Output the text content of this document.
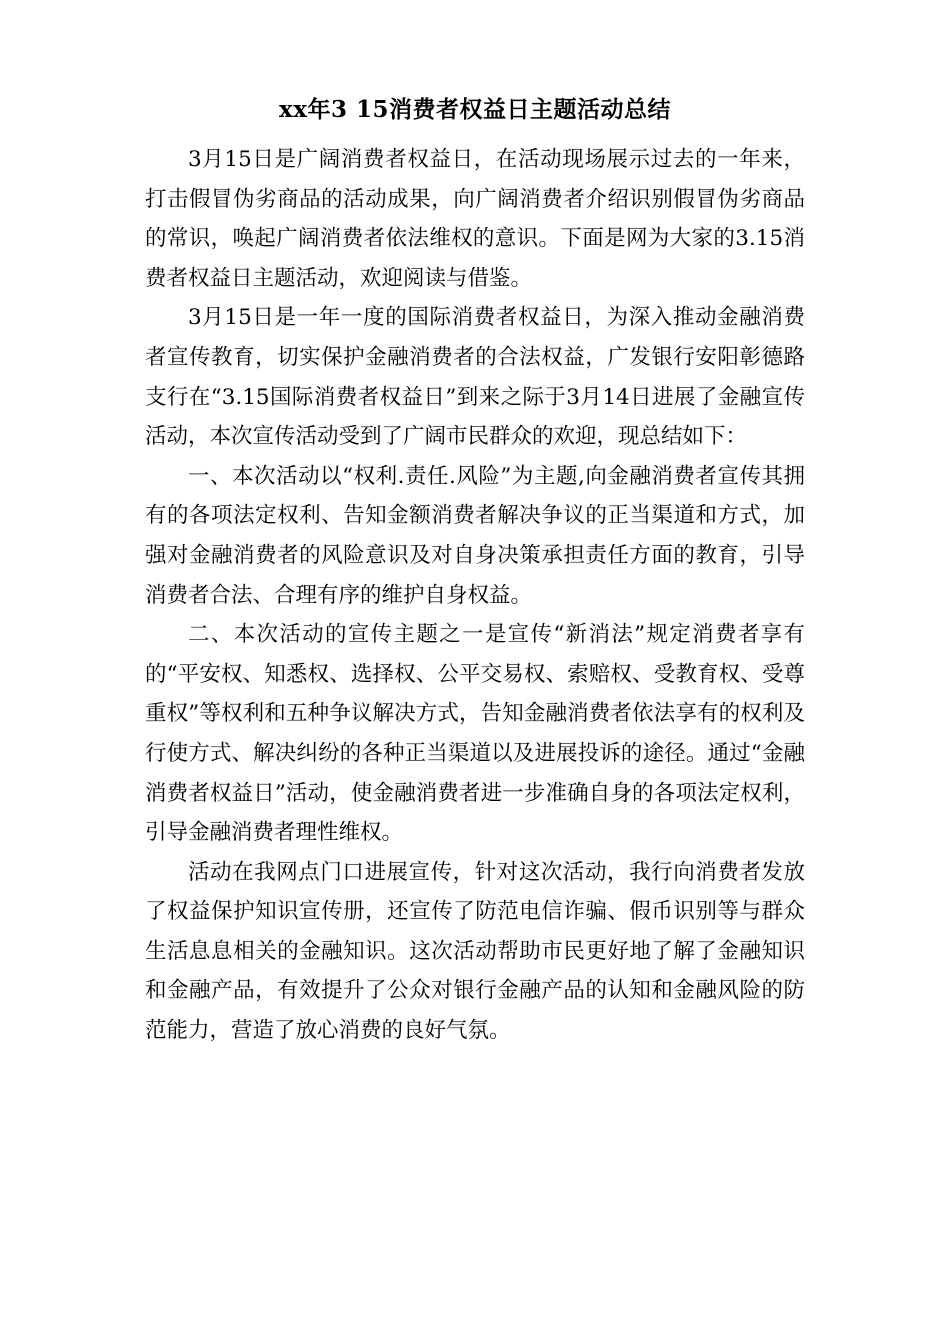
xx年3 15消费者权益日主题活动总结

3月15日是广阔消费者权益日，在活动现场展示过去的一年来，打击假冒伪劣商品的活动成果，向广阔消费者介绍识别假冒伪劣商品的常识，唤起广阔消费者依法维权的意识。下面是网为大家的3.15消费者权益日主题活动，欢迎阅读与借鉴。

3月15日是一年一度的国际消费者权益日，为深入推动金融消费者宣传教育，切实保护金融消费者的合法权益，广发银行安阳彰德路支行在“3.15国际消费者权益日”到来之际于3月14日进展了金融宣传活动，本次宣传活动受到了广阔市民群众的欢迎，现总结如下：

一、本次活动以“权利.责任.风险”为主题,向金融消费者宣传其拥有的各项法定权利、告知金额消费者解决争议的正当渠道和方式，加强对金融消费者的风险意识及对自身决策承担责任方面的教育，引导消费者合法、合理有序的维护自身权益。

二、本次活动的宣传主题之一是宣传“新消法”规定消费者享有的“平安权、知悉权、选择权、公平交易权、索赔权、受教育权、受尊重权”等权利和五种争议解决方式，告知金融消费者依法享有的权利及行使方式、解决纠纷的各种正当渠道以及进展投诉的途径。通过“金融消费者权益日”活动，使金融消费者进一步准确自身的各项法定权利，引导金融消费者理性维权。

活动在我网点门口进展宣传，针对这次活动，我行向消费者发放了权益保护知识宣传册，还宣传了防范电信诈骗、假币识别等与群众生活息息相关的金融知识。这次活动帮助市民更好地了解了金融知识和金融产品，有效提升了公众对银行金融产品的认知和金融风险的防范能力，营造了放心消费的良好气氛。
